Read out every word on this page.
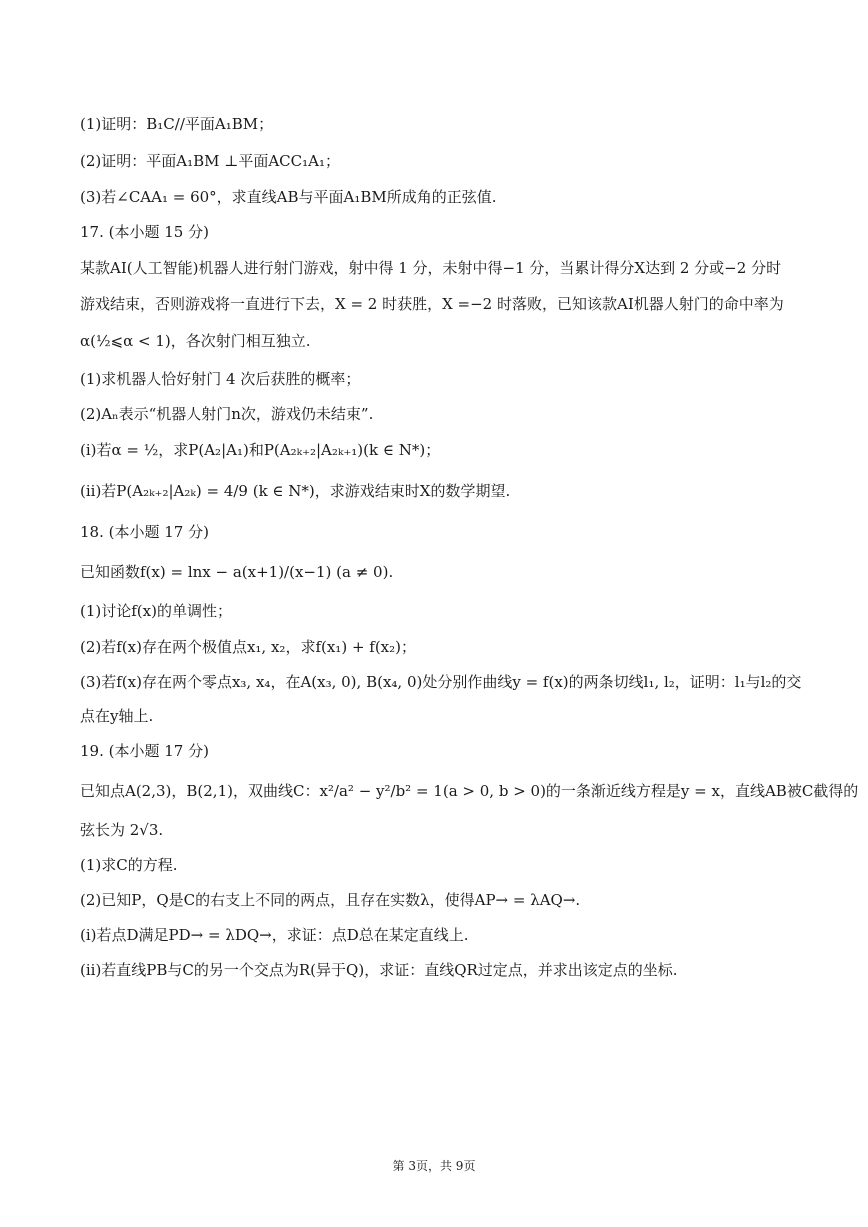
(1)证明：B₁C//平面A₁BM；
(2)证明：平面A₁BM ⊥平面ACC₁A₁；
(3)若∠CAA₁ = 60°，求直线AB与平面A₁BM所成角的正弦值.
17. (本小题 15 分)
某款AI(人工智能)机器人进行射门游戏，射中得 1 分，未射中得−1 分，当累计得分X达到 2 分或−2 分时
游戏结束，否则游戏将一直进行下去，X = 2 时获胜，X =−2 时落败，已知该款AI机器人射门的命中率为
α(½⩽α < 1)，各次射门相互独立.
(1)求机器人恰好射门 4 次后获胜的概率；
(2)Aₙ表示“机器人射门n次，游戏仍未结束”.
(i)若α = ½，求P(A₂|A₁)和P(A₂ₖ₊₂|A₂ₖ₊₁)(k ∈ N*)；
(ii)若P(A₂ₖ₊₂|A₂ₖ) = 4/9 (k ∈ N*)，求游戏结束时X的数学期望.
18. (本小题 17 分)
已知函数f(x) = lnx − a(x+1)/(x−1) (a ≠ 0).
(1)讨论f(x)的单调性；
(2)若f(x)存在两个极值点x₁, x₂，求f(x₁) + f(x₂)；
(3)若f(x)存在两个零点x₃, x₄，在A(x₃, 0), B(x₄, 0)处分别作曲线y = f(x)的两条切线l₁, l₂，证明：l₁与l₂的交
点在y轴上.
19. (本小题 17 分)
已知点A(2,3)，B(2,1)，双曲线C：x²/a² − y²/b² = 1(a > 0, b > 0)的一条渐近线方程是y = x，直线AB被C截得的
弦长为 2√3.
(1)求C的方程.
(2)已知P，Q是C的右支上不同的两点，且存在实数λ，使得AP→ = λAQ→.
(i)若点D满足PD→ = λDQ→，求证：点D总在某定直线上.
(ii)若直线PB与C的另一个交点为R(异于Q)，求证：直线QR过定点，并求出该定点的坐标.
第 3页，共 9页
